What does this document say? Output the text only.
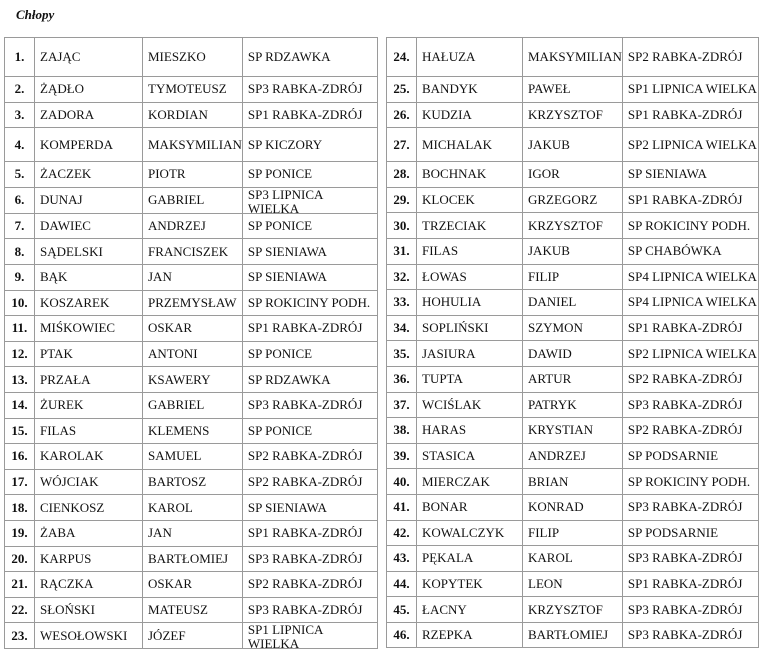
Chłopy
1.	ZAJĄC	MIESZKO	SP RDZAWKA

2.	ŻĄDŁO	TYMOTEUSZ	SP3 RABKA-ZDRÓJ

3.	ZADORA	KORDIAN	SP1 RABKA-ZDRÓJ

4.	KOMPERDA	MAKSYMILIAN	SP KICZORY

5.	ŻACZEK	PIOTR	SP PONICE

6.	DUNAJ	GABRIEL	SP3 LIPNICA WIELKA

7.	DAWIEC	ANDRZEJ	SP PONICE

8.	SĄDELSKI	FRANCISZEK	SP SIENIAWA

9.	BĄK	JAN	SP SIENIAWA

10.	KOSZAREK	PRZEMYSŁAW	SP ROKICINY PODH.

11.	MIŚKOWIEC	OSKAR	SP1 RABKA-ZDRÓJ

12.	PTAK	ANTONI	SP PONICE

13.	PRZAŁA	KSAWERY	SP RDZAWKA

14.	ŻUREK	GABRIEL	SP3 RABKA-ZDRÓJ

15.	FILAS	KLEMENS	SP PONICE

16.	KAROLAK	SAMUEL	SP2 RABKA-ZDRÓJ

17.	WÓJCIAK	BARTOSZ	SP2 RABKA-ZDRÓJ

18.	CIENKOSZ	KAROL	SP SIENIAWA

19.	ŻABA	JAN	SP1 RABKA-ZDRÓJ

20.	KARPUS	BARTŁOMIEJ	SP3 RABKA-ZDRÓJ

21.	RĄCZKA	OSKAR	SP2 RABKA-ZDRÓJ

22.	SŁOŃSKI	MATEUSZ	SP3 RABKA-ZDRÓJ

23.	WESOŁOWSKI	JÓZEF	SP1 LIPNICA WIELKA
24.	HAŁUZA	MAKSYMILIAN	SP2 RABKA-ZDRÓJ

25.	BANDYK	PAWEŁ	SP1 LIPNICA WIELKA

26.	KUDZIA	KRZYSZTOF	SP1 RABKA-ZDRÓJ

27.	MICHALAK	JAKUB	SP2 LIPNICA WIELKA

28.	BOCHNAK	IGOR	SP SIENIAWA

29.	KLOCEK	GRZEGORZ	SP1 RABKA-ZDRÓJ

30.	TRZECIAK	KRZYSZTOF	SP ROKICINY PODH.

31.	FILAS	JAKUB	SP CHABÓWKA

32.	ŁOWAS	FILIP	SP4 LIPNICA WIELKA

33.	HOHULIA	DANIEL	SP4 LIPNICA WIELKA

34.	SOPLIŃSKI	SZYMON	SP1 RABKA-ZDRÓJ

35.	JASIURA	DAWID	SP2 LIPNICA WIELKA

36.	TUPTA	ARTUR	SP2 RABKA-ZDRÓJ

37.	WCIŚLAK	PATRYK	SP3 RABKA-ZDRÓJ

38.	HARAS	KRYSTIAN	SP2 RABKA-ZDRÓJ

39.	STASICA	ANDRZEJ	SP PODSARNIE

40.	MIERCZAK	BRIAN	SP ROKICINY PODH.

41.	BONAR	KONRAD	SP3 RABKA-ZDRÓJ

42.	KOWALCZYK	FILIP	SP PODSARNIE

43.	PĘKALA	KAROL	SP3 RABKA-ZDRÓJ

44.	KOPYTEK	LEON	SP1 RABKA-ZDRÓJ

45.	ŁACNY	KRZYSZTOF	SP3 RABKA-ZDRÓJ

46.	RZEPKA	BARTŁOMIEJ	SP3 RABKA-ZDRÓJ
